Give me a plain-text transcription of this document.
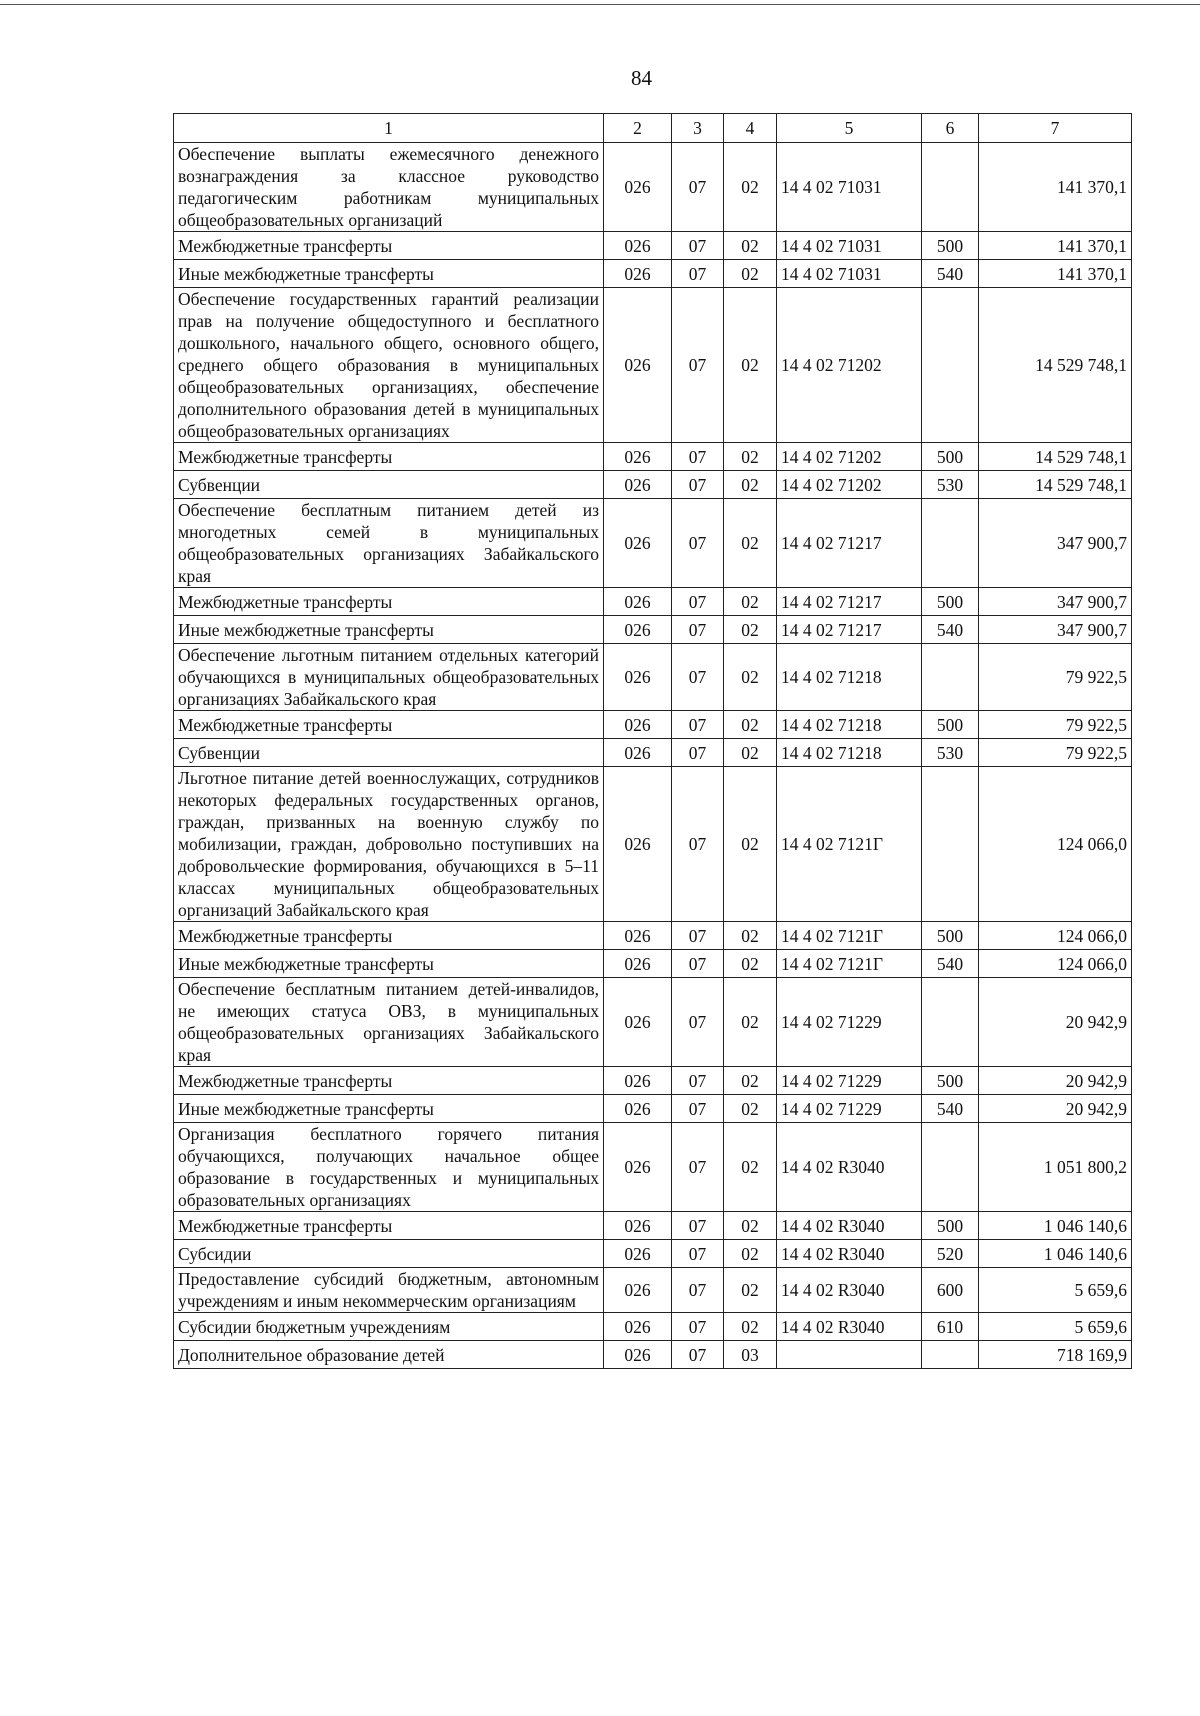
84
1	2	3	4	5	6	7
Обеспечение выплаты ежемесячного денежного вознаграждения за классное руководство педагогическим работникам муниципальных общеобразовательных организаций	026	07	02	14 4 02 71031		141 370,1
Межбюджетные трансферты	026	07	02	14 4 02 71031	500	141 370,1
Иные межбюджетные трансферты	026	07	02	14 4 02 71031	540	141 370,1
Обеспечение государственных гарантий реализации прав на получение общедоступного и бесплатного дошкольного, начального общего, основного общего, среднего общего образования в муниципальных общеобразовательных организациях, обеспечение дополнительного образования детей в муниципальных общеобразовательных организациях	026	07	02	14 4 02 71202		14 529 748,1
Межбюджетные трансферты	026	07	02	14 4 02 71202	500	14 529 748,1
Субвенции	026	07	02	14 4 02 71202	530	14 529 748,1
Обеспечение бесплатным питанием детей из многодетных семей в муниципальных общеобразовательных организациях Забайкальского края	026	07	02	14 4 02 71217		347 900,7
Межбюджетные трансферты	026	07	02	14 4 02 71217	500	347 900,7
Иные межбюджетные трансферты	026	07	02	14 4 02 71217	540	347 900,7
Обеспечение льготным питанием отдельных категорий обучающихся в муниципальных общеобразовательных организациях Забайкальского края	026	07	02	14 4 02 71218		79 922,5
Межбюджетные трансферты	026	07	02	14 4 02 71218	500	79 922,5
Субвенции	026	07	02	14 4 02 71218	530	79 922,5
Льготное питание детей военнослужащих, сотрудников некоторых федеральных государственных органов, граждан, призванных на военную службу по мобилизации, граждан, добровольно поступивших на добровольческие формирования, обучающихся в 5–11 классах муниципальных общеобразовательных организаций Забайкальского края	026	07	02	14 4 02 7121Г		124 066,0
Межбюджетные трансферты	026	07	02	14 4 02 7121Г	500	124 066,0
Иные межбюджетные трансферты	026	07	02	14 4 02 7121Г	540	124 066,0
Обеспечение бесплатным питанием детей-инвалидов, не имеющих статуса ОВЗ, в муниципальных общеобразовательных организациях Забайкальского края	026	07	02	14 4 02 71229		20 942,9
Межбюджетные трансферты	026	07	02	14 4 02 71229	500	20 942,9
Иные межбюджетные трансферты	026	07	02	14 4 02 71229	540	20 942,9
Организация бесплатного горячего питания обучающихся, получающих начальное общее образование в государственных и муниципальных образовательных организациях	026	07	02	14 4 02 R3040		1 051 800,2
Межбюджетные трансферты	026	07	02	14 4 02 R3040	500	1 046 140,6
Субсидии	026	07	02	14 4 02 R3040	520	1 046 140,6
Предоставление субсидий бюджетным, автономным учреждениям и иным некоммерческим организациям	026	07	02	14 4 02 R3040	600	5 659,6
Субсидии бюджетным учреждениям	026	07	02	14 4 02 R3040	610	5 659,6
Дополнительное образование детей	026	07	03			718 169,9
